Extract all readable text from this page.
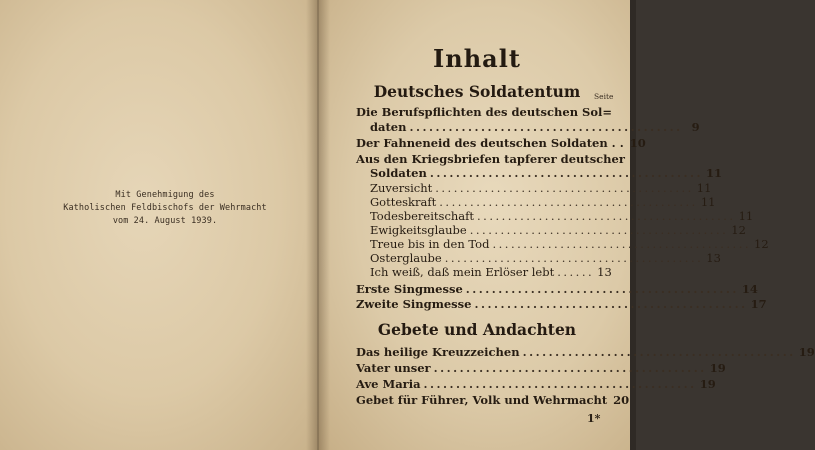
Mit Genehmigung des
Katholischen Feldbischofs der Wehrmacht
vom 24. August 1939.
Inhalt
Deutsches Soldatentum	Seite
Die Berufspflichten des deutschen Sol=
daten .......................................... 9
Der Fahneneid des deutschen Soldaten . . 10
Aus den Kriegsbriefen tapferer deutscher
Soldaten .......................................... 11
Zuversicht .......................................... 11
Gotteskraft .......................................... 11
Todesbereitschaft .......................................... 11
Ewigkeitsglaube .......................................... 12
Treue bis in den Tod .......................................... 12
Osterglaube .......................................... 13
Ich weiß, daß mein Erlöser lebt ...... 13
Erste Singmesse .......................................... 14
Zweite Singmesse .......................................... 17
Gebete und Andachten
Das heilige Kreuzzeichen .......................................... 19
Vater unser .......................................... 19
Ave Maria .......................................... 19
Gebet für Führer, Volk und Wehrmacht 20
1*
